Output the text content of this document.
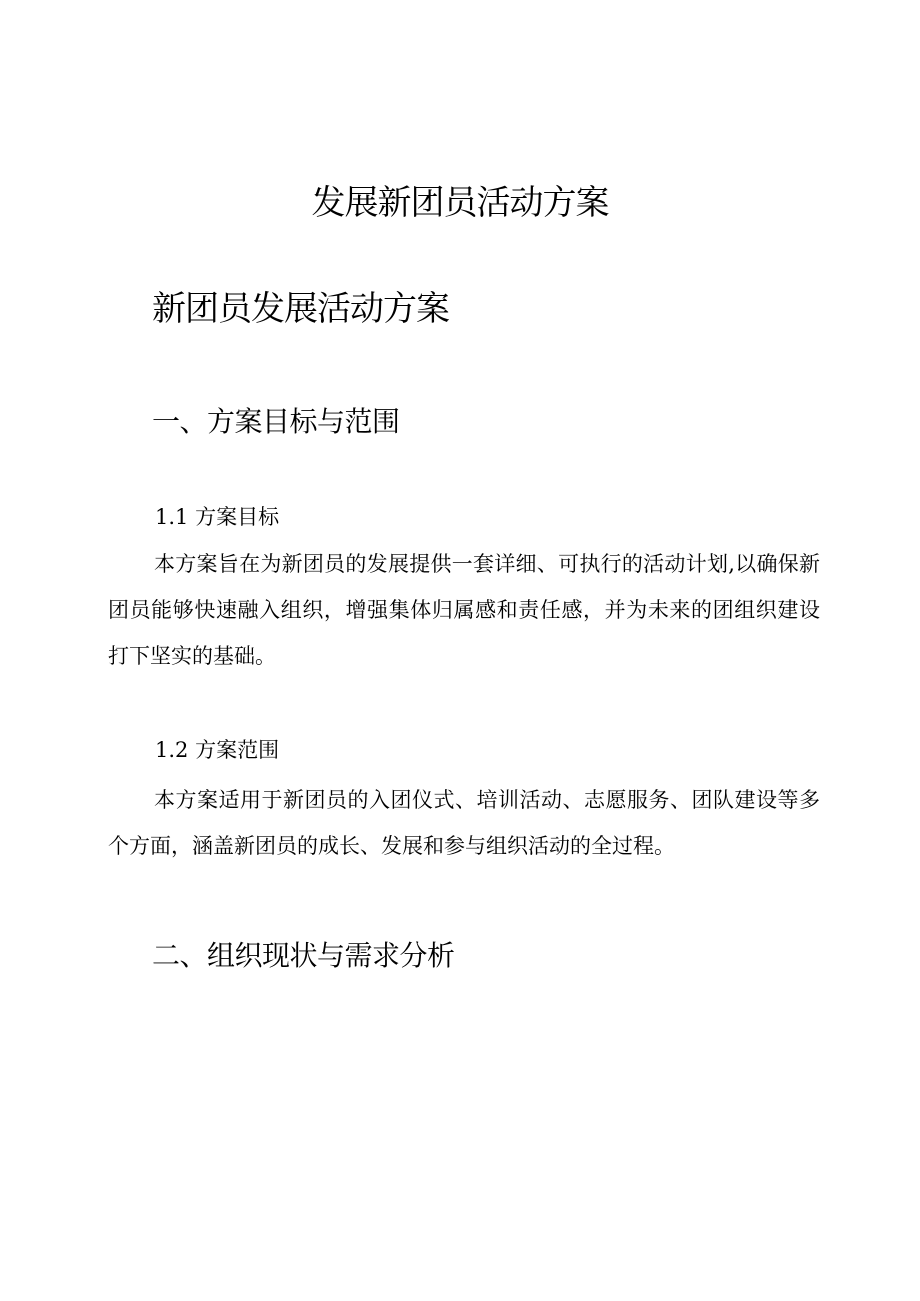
发展新团员活动方案
新团员发展活动方案
一、方案目标与范围
1.1 方案目标

本方案旨在为新团员的发展提供一套详细、可执行的活动计划,以确保新团员能够快速融入组织，增强集体归属感和责任感，并为未来的团组织建设打下坚实的基础。

1.2 方案范围

本方案适用于新团员的入团仪式、培训活动、志愿服务、团队建设等多个方面，涵盖新团员的成长、发展和参与组织活动的全过程。

二、组织现状与需求分析
